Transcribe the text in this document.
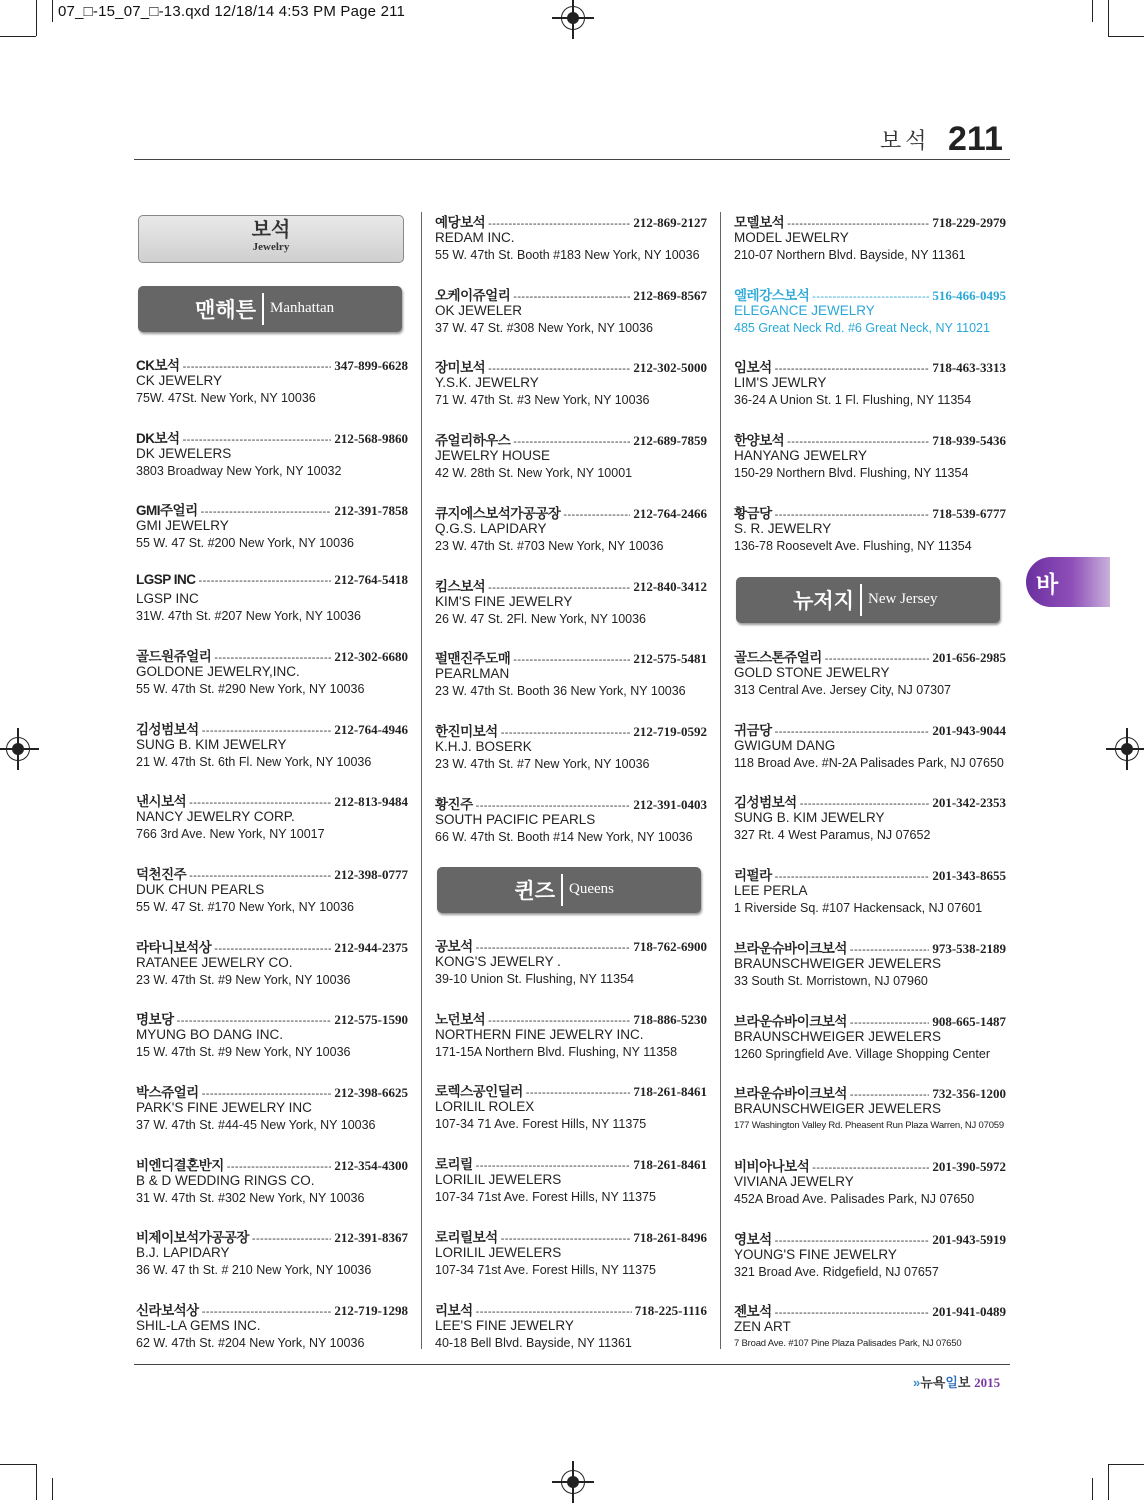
07_□-15_07_□-13.qxd 12/18/14 4:53 PM Page 211
보석 211
보석
Jewelry
맨해튼 Manhattan
퀸즈 Queens
뉴저지 New Jersey
CK보석 -----	347-899-6628
CK JEWELRY
75W. 47St. New York, NY 10036
DK보석 -----	212-568-9860
DK JEWELERS
3803 Broadway New York, NY 10032
GMI주얼리 -----	212-391-7858
GMI JEWELRY
55 W. 47 St. #200 New York, NY 10036
LGSP INC -----	212-764-5418
LGSP INC
31W. 47th St. #207 New York, NY 10036
골드원쥬얼리 -----	212-302-6680
GOLDONE JEWELRY,INC.
55 W. 47th St. #290 New York, NY 10036
김성범보석 -----	212-764-4946
SUNG B. KIM JEWELRY
21 W. 47th St. 6th Fl. New York, NY 10036
낸시보석 -----	212-813-9484
NANCY JEWELRY CORP.
766 3rd Ave. New York, NY 10017
덕천진주 -----	212-398-0777
DUK CHUN PEARLS
55 W. 47 St. #170 New York, NY 10036
라타니보석상 -----	212-944-2375
RATANEE JEWELRY CO.
23 W. 47th St. #9 New York, NY 10036
명보당 -----	212-575-1590
MYUNG BO DANG INC.
15 W. 47th St. #9 New York, NY 10036
박스쥬얼리 -----	212-398-6625
PARK'S FINE JEWELRY INC
37 W. 47th St. #44-45 New York, NY 10036
비엔디결혼반지 -----	212-354-4300
B & D WEDDING RINGS CO.
31 W. 47th St. #302 New York, NY 10036
비제이보석가공공장 -----	212-391-8367
B.J. LAPIDARY
36 W. 47 th St. # 210 New York, NY 10036
신라보석상 -----	212-719-1298
SHIL-LA GEMS INC.
62 W. 47th St. #204 New York, NY 10036
예당보석 -----	212-869-2127
REDAM INC.
55 W. 47th St. Booth #183 New York, NY 10036
오케이쥬얼리 -----	212-869-8567
OK JEWELER
37 W. 47 St. #308 New York, NY 10036
장미보석 -----	212-302-5000
Y.S.K. JEWELRY
71 W. 47th St. #3 New York, NY 10036
쥬얼리하우스 -----	212-689-7859
JEWELRY HOUSE
42 W. 28th St. New York, NY 10001
큐지에스보석가공공장 -----	212-764-2466
Q.G.S. LAPIDARY
23 W. 47th St. #703 New York, NY 10036
킴스보석 -----	212-840-3412
KIM'S FINE JEWELRY
26 W. 47 St. 2Fl. New York, NY 10036
펄맨진주도매 -----	212-575-5481
PEARLMAN
23 W. 47th St. Booth 36 New York, NY 10036
한진미보석 -----	212-719-0592
K.H.J. BOSERK
23 W. 47th St. #7 New York, NY 10036
황진주 -----	212-391-0403
SOUTH PACIFIC PEARLS
66 W. 47th St. Booth #14 New York, NY 10036
공보석 -----	718-762-6900
KONG'S JEWELRY .
39-10 Union St. Flushing, NY 11354
노던보석 -----	718-886-5230
NORTHERN FINE JEWELRY INC.
171-15A Northern Blvd. Flushing, NY 11358
로렉스공인딜러 -----	718-261-8461
LORILIL ROLEX
107-34 71 Ave. Forest Hills, NY 11375
로리릴 -----	718-261-8461
LORILIL JEWELERS
107-34 71st Ave. Forest Hills, NY 11375
로리릴보석 -----	718-261-8496
LORILIL JEWELERS
107-34 71st Ave. Forest Hills, NY 11375
리보석 -----	718-225-1116
LEE'S FINE JEWELRY
40-18 Bell Blvd. Bayside, NY 11361
모델보석 -----	718-229-2979
MODEL JEWELRY
210-07 Northern Blvd. Bayside, NY 11361
엘레강스보석 -----	516-466-0495
ELEGANCE JEWELRY
485 Great Neck Rd. #6 Great Neck, NY 11021
임보석 -----	718-463-3313
LIM'S JEWLRY
36-24 A Union St. 1 Fl. Flushing, NY 11354
한양보석 -----	718-939-5436
HANYANG JEWELRY
150-29 Northern Blvd. Flushing, NY 11354
황금당 -----	718-539-6777
S. R. JEWELRY
136-78 Roosevelt Ave. Flushing, NY 11354
골드스톤쥬얼리 -----	201-656-2985
GOLD STONE JEWELRY
313 Central Ave. Jersey City, NJ 07307
귀금당 -----	201-943-9044
GWIGUM DANG
118 Broad Ave. #N-2A Palisades Park, NJ 07650
김성범보석 -----	201-342-2353
SUNG B. KIM JEWELRY
327 Rt. 4 West Paramus, NJ 07652
리펄라 -----	201-343-8655
LEE PERLA
1 Riverside Sq. #107 Hackensack, NJ 07601
브라운슈바이크보석 -----	973-538-2189
BRAUNSCHWEIGER JEWELERS
33 South St. Morristown, NJ 07960
브라운슈바이크보석 -----	908-665-1487
BRAUNSCHWEIGER JEWELERS
1260 Springfield Ave. Village Shopping Center
브라운슈바이크보석 -----	732-356-1200
BRAUNSCHWEIGER JEWELERS
177 Washington Valley Rd. Pheasent Run Plaza Warren, NJ 07059
비비아나보석 -----	201-390-5972
VIVIANA JEWELRY
452A Broad Ave. Palisades Park, NJ 07650
영보석 -----	201-943-5919
YOUNG'S FINE JEWELRY
321 Broad Ave. Ridgefield, NJ 07657
젠보석 -----	201-941-0489
ZEN ART
7 Broad Ave. #107 Pine Plaza Palisades Park, NJ 07650
바
»뉴욕일보 2015
